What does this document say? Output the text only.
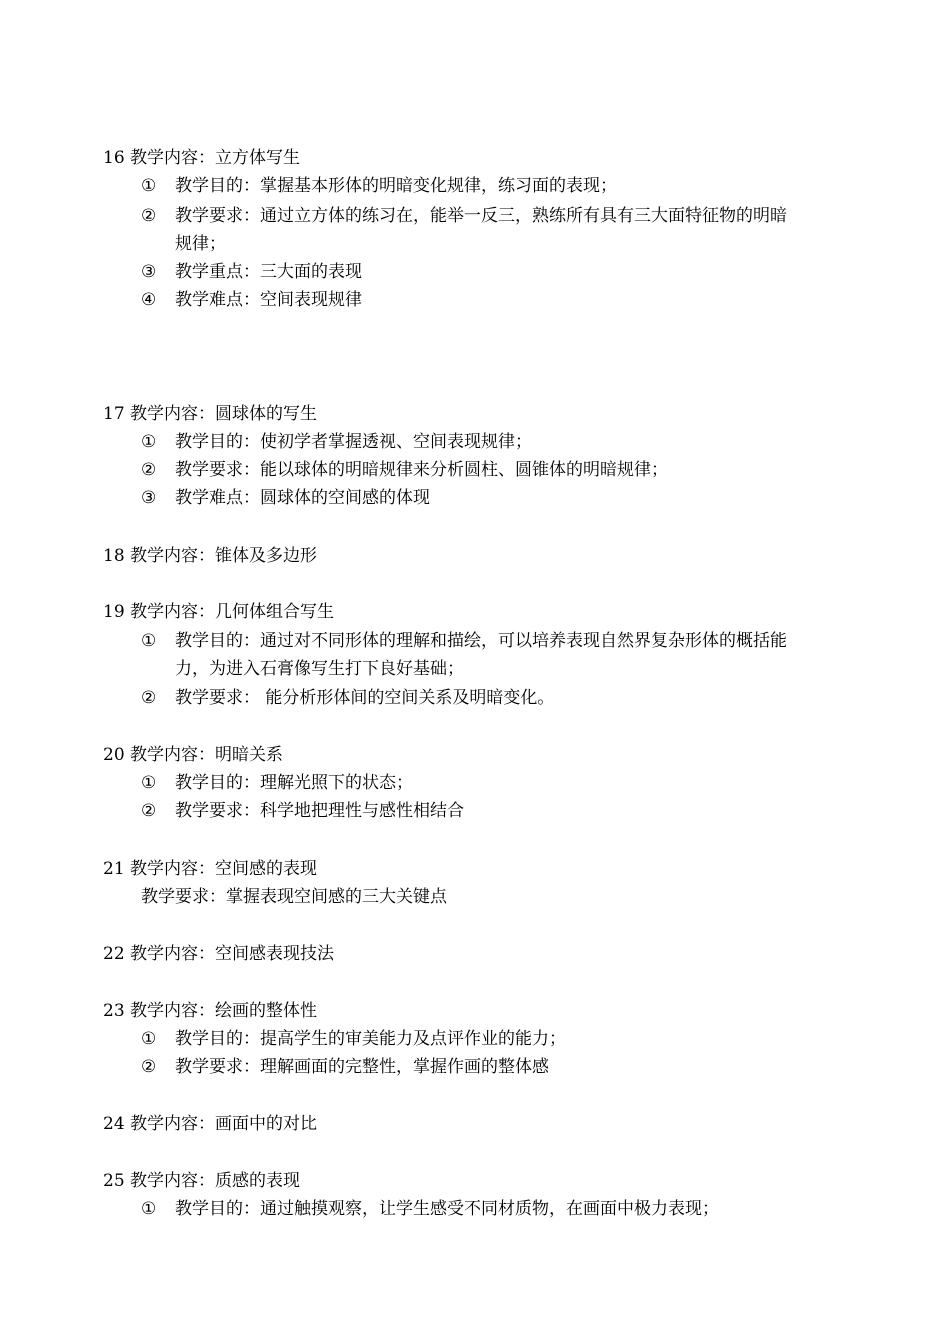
16 教学内容：立方体写生
①	教学目的：掌握基本形体的明暗变化规律，练习面的表现；
②	教学要求：通过立方体的练习在，能举一反三，熟练所有具有三大面特征物的明暗
规律；
③	教学重点：三大面的表现
④	教学难点：空间表现规律
17 教学内容：圆球体的写生
①	教学目的：使初学者掌握透视、空间表现规律；
②	教学要求：能以球体的明暗规律来分析圆柱、圆锥体的明暗规律；
③	教学难点：圆球体的空间感的体现
18 教学内容：锥体及多边形
19 教学内容：几何体组合写生
①	教学目的：通过对不同形体的理解和描绘，可以培养表现自然界复杂形体的概括能
力，为进入石膏像写生打下良好基础；
②	教学要求： 能分析形体间的空间关系及明暗变化。
20 教学内容：明暗关系
①	教学目的：理解光照下的状态；
②	教学要求：科学地把理性与感性相结合
21 教学内容：空间感的表现
教学要求：掌握表现空间感的三大关键点
22 教学内容：空间感表现技法
23 教学内容：绘画的整体性
①	教学目的：提高学生的审美能力及点评作业的能力；
②	教学要求：理解画面的完整性，掌握作画的整体感
24 教学内容：画面中的对比
25 教学内容：质感的表现
①	教学目的：通过触摸观察，让学生感受不同材质物，在画面中极力表现；
